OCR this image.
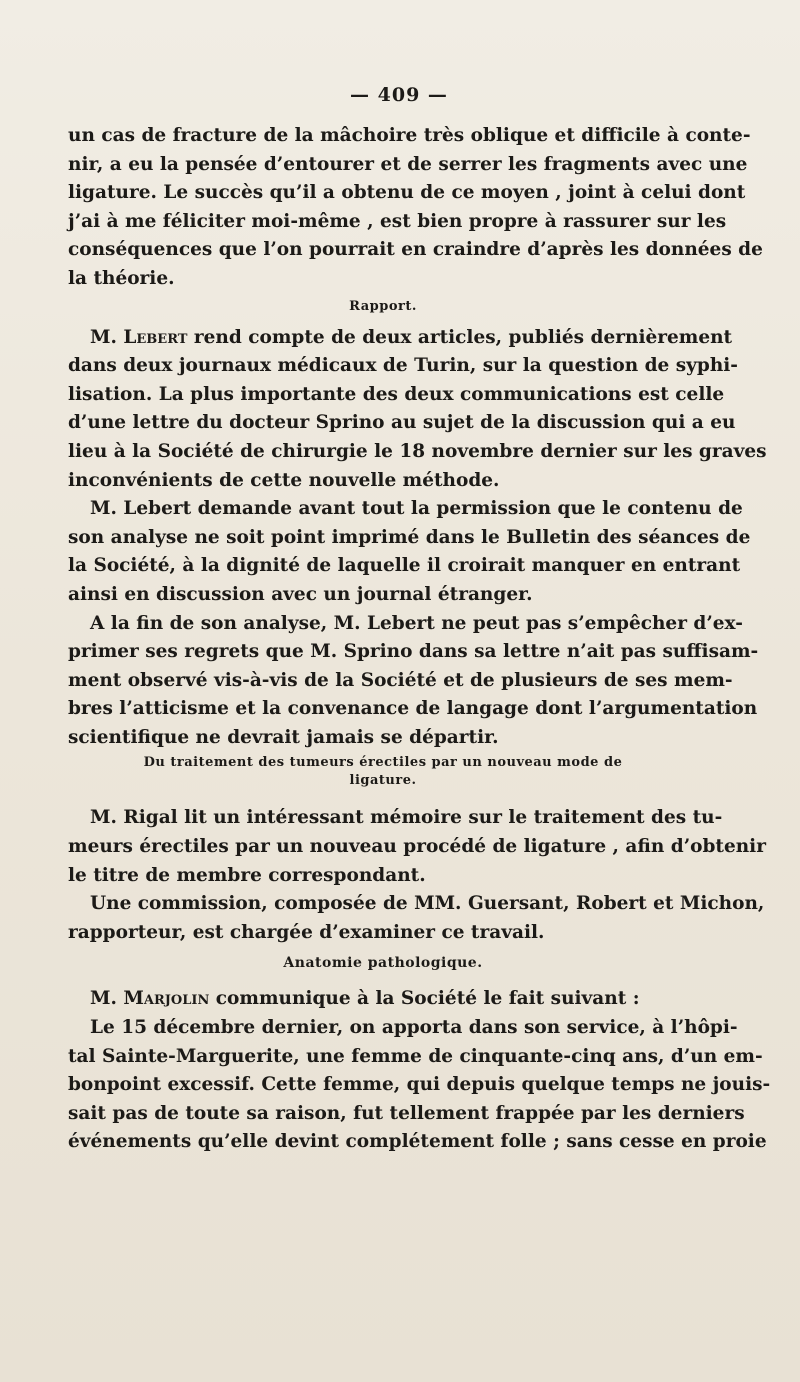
— 409 —

un cas de fracture de la mâchoire très oblique et difficile à conte-

nir, a eu la pensée d’entourer et de serrer les fragments avec une

ligature. Le succès qu’il a obtenu de ce moyen , joint à celui dont

j’ai à me féliciter moi-même , est bien propre à rassurer sur les

conséquences que l’on pourrait en craindre d’après les données de

la théorie.

Rapport.

M. Lebert rend compte de deux articles, publiés dernièrement

dans deux journaux médicaux de Turin, sur la question de syphi-

lisation. La plus importante des deux communications est celle

d’une lettre du docteur Sprino au sujet de la discussion qui a eu

lieu à la Société de chirurgie le 18 novembre dernier sur les graves

inconvénients de cette nouvelle méthode.

M. Lebert demande avant tout la permission que le contenu de

son analyse ne soit point imprimé dans le Bulletin des séances de

la Société, à la dignité de laquelle il croirait manquer en entrant

ainsi en discussion avec un journal étranger.

A la fin de son analyse, M. Lebert ne peut pas s’empêcher d’ex-

primer ses regrets que M. Sprino dans sa lettre n’ait pas suffisam-

ment observé vis-à-vis de la Société et de plusieurs de ses mem-

bres l’atticisme et la convenance de langage dont l’argumentation

scientifique ne devrait jamais se départir.

Du traitement des tumeurs érectiles par un nouveau mode de
ligature.

M. Rigal lit un intéressant mémoire sur le traitement des tu-

meurs érectiles par un nouveau procédé de ligature , afin d’obtenir

le titre de membre correspondant.

Une commission, composée de MM. Guersant, Robert et Michon,

rapporteur, est chargée d’examiner ce travail.

Anatomie pathologique.

M. Marjolin communique à la Société le fait suivant :

Le 15 décembre dernier, on apporta dans son service, à l’hôpi-

tal Sainte-Marguerite, une femme de cinquante-cinq ans, d’un em-

bonpoint excessif. Cette femme, qui depuis quelque temps ne jouis-

sait pas de toute sa raison, fut tellement frappée par les derniers

événements qu’elle devint complétement folle ; sans cesse en proie
